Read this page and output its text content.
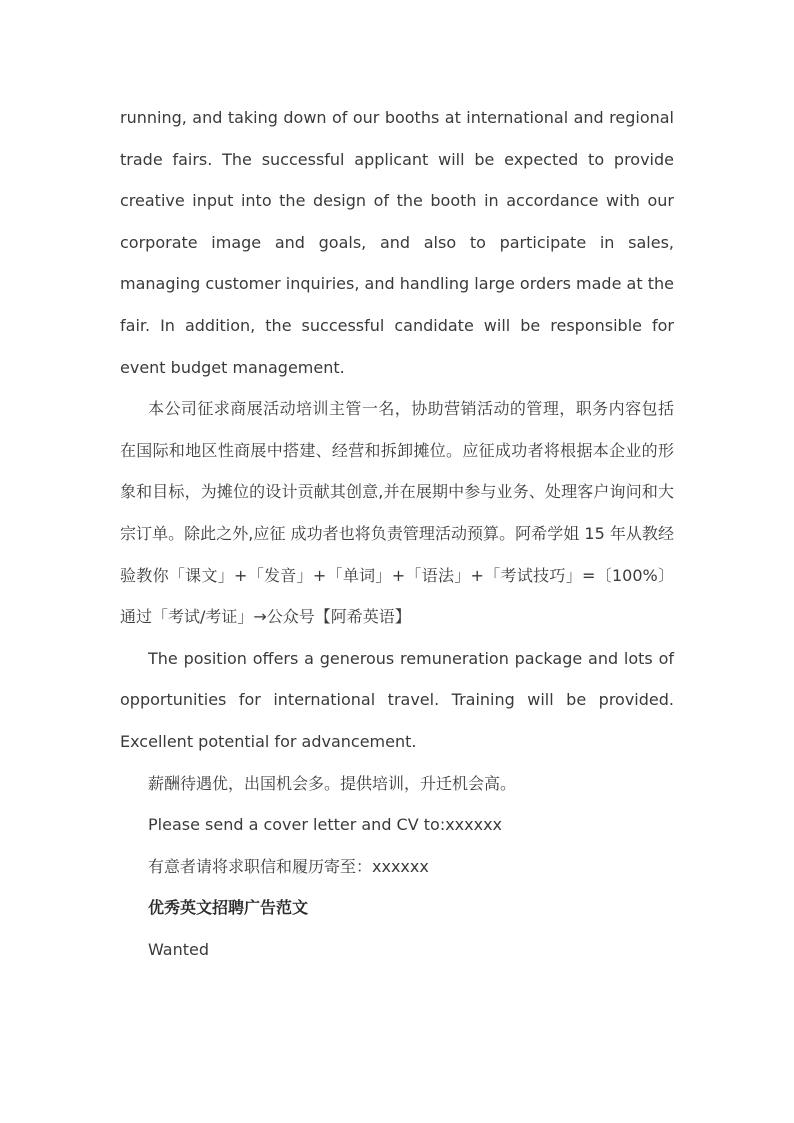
running, and taking down of our booths at international and regional trade fairs. The successful applicant will be expected to provide creative input into the design of the booth in accordance with our corporate image and goals, and also to participate in sales, managing customer inquiries, and handling large orders made at the fair. In addition, the successful candidate will be responsible for event budget management.

本公司征求商展活动培训主管一名，协助营销活动的管理，职务内容包括在国际和地区性商展中搭建、经营和拆卸摊位。应征成功者将根据本企业的形象和目标，为摊位的设计贡献其创意,并在展期中参与业务、处理客户询问和大宗订单。除此之外,应征 成功者也将负责管理活动预算。阿希学姐 15 年从教经验教你「课文」+「发音」+「单词」+「语法」+「考试技巧」=〔100%〕通过「考试/考证」→公众号【阿希英语】

The position offers a generous remuneration package and lots of opportunities for international travel. Training will be provided. Excellent potential for advancement.

薪酬待遇优，出国机会多。提供培训，升迁机会高。

Please send a cover letter and CV to:xxxxxx

有意者请将求职信和履历寄至：xxxxxx

优秀英文招聘广告范文

Wanted
